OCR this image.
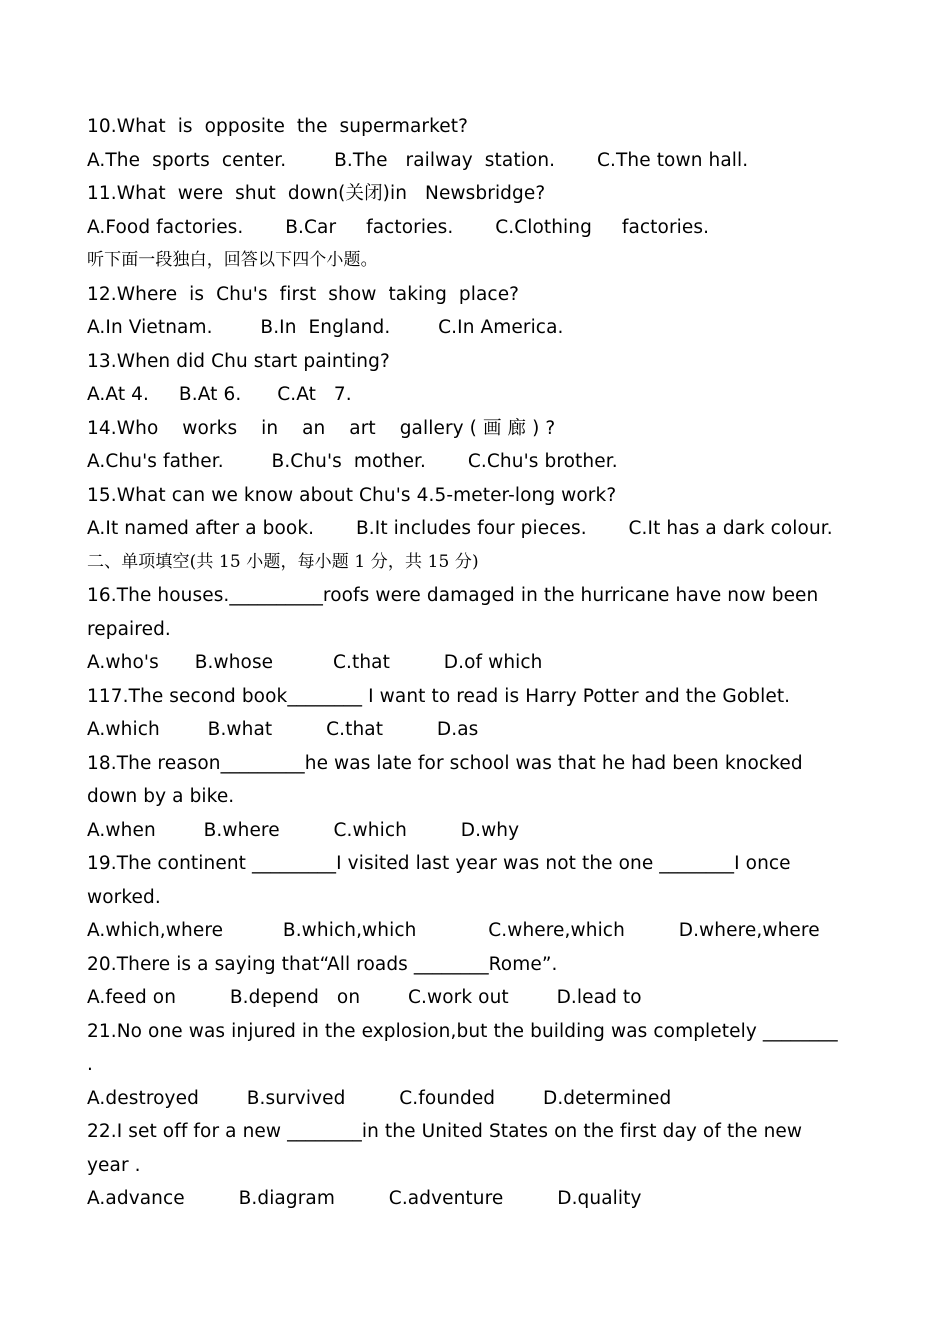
10.What  is  opposite  the  supermarket?
A.The  sports  center.        B.The   railway  station.       C.The town hall.
11.What  were  shut  down(关闭)in   Newsbridge?
A.Food factories.       B.Car     factories.       C.Clothing     factories.
听下面一段独白，回答以下四个小题。
12.Where  is  Chu's  first  show  taking  place?
A.In Vietnam.        B.In  England.        C.In America.
13.When did Chu start painting?
A.At 4.     B.At 6.      C.At   7.
14.Who    works    in    an    art    gallery ( 画 廊 ) ?
A.Chu's father.        B.Chu's  mother.       C.Chu's brother.
15.What can we know about Chu's 4.5-meter-long work?
A.It named after a book.       B.It includes four pieces.       C.It has a dark colour.
二、单项填空(共 15 小题，每小题 1 分，共 15 分)
16.The houses.__________roofs were damaged in the hurricane have now been
repaired.
A.who's      B.whose          C.that         D.of which
117.The second book________ I want to read is Harry Potter and the Goblet.
A.which        B.what         C.that         D.as
18.The reason_________he was late for school was that he had been knocked
down by a bike.
A.when        B.where         C.which         D.why
19.The continent _________I visited last year was not the one ________I once
worked.
A.which,where          B.which,which            C.where,which         D.where,where
20.There is a saying that“All roads ________Rome”.
A.feed on         B.depend   on        C.work out        D.lead to
21.No one was injured in the explosion,but the building was completely ________
.
A.destroyed        B.survived         C.founded        D.determined
22.I set off for a new ________in the United States on the first day of the new
year .
A.advance         B.diagram         C.adventure         D.quality
